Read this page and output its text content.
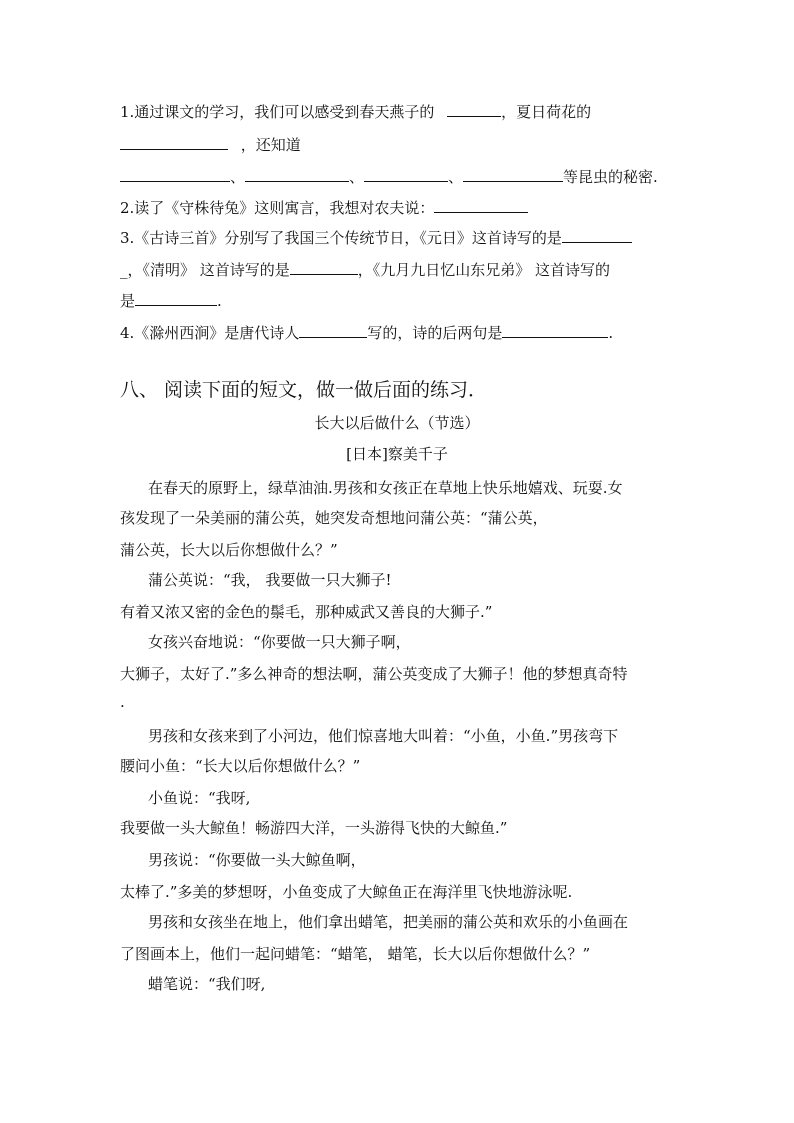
1.通过课文的学习，我们可以感受到春天燕子的	，夏日荷花的
，还知道
、	、	、	等昆虫的秘密.
2.读了《守株待兔》这则寓言，我想对农夫说：
3.《古诗三首》分别写了我国三个传统节日，《元日》这首诗写的是
_，《清明》 这首诗写的是	，《九月九日忆山东兄弟》 这首诗写的
是	.
4.《滁州西涧》是唐代诗人	写的，诗的后两句是	.
八、 阅读下面的短文，做一做后面的练习．
长大以后做什么（节选）
[日本]察美千子
在春天的原野上，绿草油油.男孩和女孩正在草地上快乐地嬉戏、玩耍.女
孩发现了一朵美丽的蒲公英，她突发奇想地问蒲公英：“蒲公英，
蒲公英，长大以后你想做什么？”
蒲公英说：“我， 我要做一只大狮子!
有着又浓又密的金色的鬃毛，那种威武又善良的大狮子.”
女孩兴奋地说：“你要做一只大狮子啊，
大狮子，太好了.”多么神奇的想法啊，蒲公英变成了大狮子！他的梦想真奇特
.
男孩和女孩来到了小河边，他们惊喜地大叫着：“小鱼，小鱼.”男孩弯下
腰问小鱼：“长大以后你想做什么？”
小鱼说：“我呀,
我要做一头大鲸鱼！畅游四大洋，一头游得飞快的大鲸鱼.”
男孩说：“你要做一头大鲸鱼啊，
太棒了.”多美的梦想呀，小鱼变成了大鲸鱼正在海洋里飞快地游泳呢.
男孩和女孩坐在地上，他们拿出蜡笔，把美丽的蒲公英和欢乐的小鱼画在
了图画本上，他们一起问蜡笔：“蜡笔， 蜡笔，长大以后你想做什么？”
蜡笔说：“我们呀,
